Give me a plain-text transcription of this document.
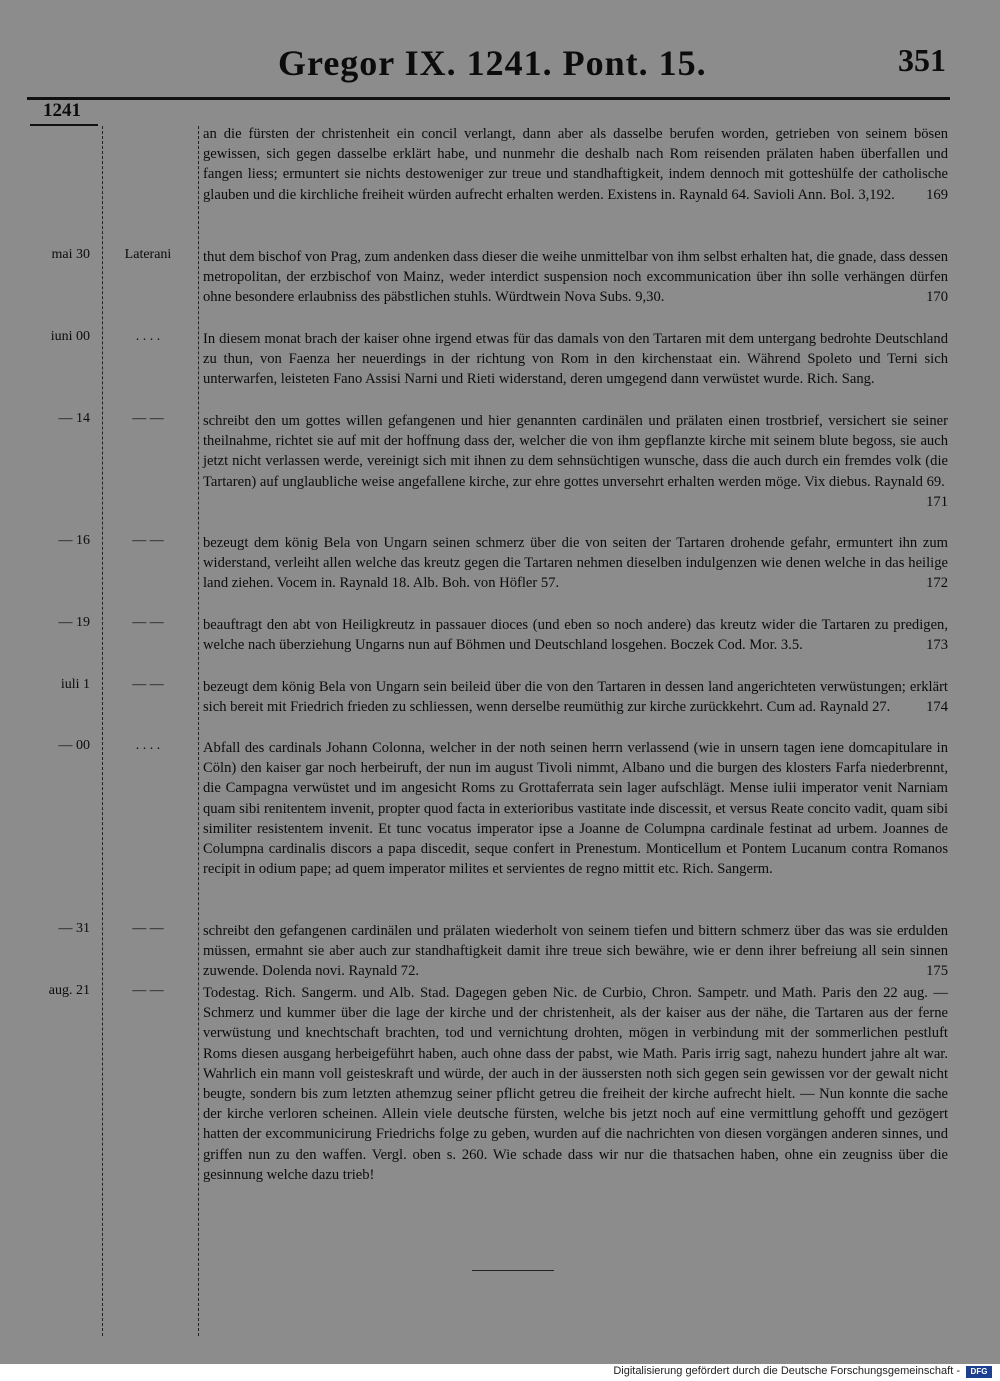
Gregor IX. 1241. Pont. 15.	351
1241
an die fürsten der christenheit ein concil verlangt, dann aber als dasselbe berufen worden, getrieben von seinem bösen gewissen, sich gegen dasselbe erklärt habe, und nunmehr die deshalb nach Rom reisenden prälaten haben überfallen und fangen liess; ermuntert sie nichts destoweniger zur treue und standhaftigkeit, indem dennoch mit gotteshülfe der catholische glauben und die kirchliche freiheit würden aufrecht erhalten werden. Existens in. Raynald 64. Savioli Ann. Bol. 3,192. 169
mai 30	Laterani	thut dem bischof von Prag, zum andenken dass dieser die weihe unmittelbar von ihm selbst erhalten hat, die gnade, dass dessen metropolitan, der erzbischof von Mainz, weder interdict suspension noch excommunication über ihn solle verhängen dürfen ohne besondere erlaubniss des päbstlichen stuhls. Würdtwein Nova Subs. 9,30.	170
iuni 00	. . . .	In diesem monat brach der kaiser ohne irgend etwas für das damals von den Tartaren mit dem untergang bedrohte Deutschland zu thun, von Faenza her neuerdings in der richtung von Rom in den kirchenstaat ein. Während Spoleto und Terni sich unterwarfen, leisteten Fano Assisi Narni und Rieti widerstand, deren umgegend dann verwüstet wurde. Rich. Sang.
— 14	— —	schreibt den um gottes willen gefangenen und hier genannten cardinälen und prälaten einen trostbrief, versichert sie seiner theilnahme, richtet sie auf mit der hoffnung dass der, welcher die von ihm gepflanzte kirche mit seinem blute begoss, sie auch jetzt nicht verlassen werde, vereinigt sich mit ihnen zu dem sehnsüchtigen wunsche, dass die auch durch ein fremdes volk (die Tartaren) auf unglaubliche weise angefallene kirche, zur ehre gottes unversehrt erhalten werden möge. Vix diebus. Raynald 69.
171
— 16	— —	bezeugt dem könig Bela von Ungarn seinen schmerz über die von seiten der Tartaren drohende gefahr, ermuntert ihn zum widerstand, verleiht allen welche das kreutz gegen die Tartaren nehmen dieselben indulgenzen wie denen welche in das heilige land ziehen. Vocem in. Raynald 18. Alb. Boh. von Höfler 57.	172
— 19	— —	beauftragt den abt von Heiligkreutz in passauer dioces (und eben so noch andere) das kreutz wider die Tartaren zu predigen, welche nach überziehung Ungarns nun auf Böhmen und Deutschland losgehen. Boczek Cod. Mor. 3.5.	173
iuli 1	— —	bezeugt dem könig Bela von Ungarn sein beileid über die von den Tartaren in dessen land angerichteten verwüstungen; erklärt sich bereit mit Friedrich frieden zu schliessen, wenn derselbe reumüthig zur kirche zurückkehrt. Cum ad. Raynald 27. 174
— 00	. . . .	Abfall des cardinals Johann Colonna, welcher in der noth seinen herrn verlassend (wie in unsern tagen iene domcapitulare in Cöln) den kaiser gar noch herbeiruft, der nun im august Tivoli nimmt, Albano und die burgen des klosters Farfa niederbrennt, die Campagna verwüstet und im angesicht Roms zu Grottaferrata sein lager aufschlägt. Mense iulii imperator venit Narniam quam sibi renitentem invenit, propter quod facta in exterioribus vastitate inde discessit, et versus Reate concito vadit, quam sibi similiter resistentem invenit. Et tunc vocatus imperator ipse a Joanne de Columpna cardinale festinat ad urbem. Joannes de Columpna cardinalis discors a papa discedit, seque confert in Prenestum. Monticellum et Pontem Lucanum contra Romanos recipit in odium pape; ad quem imperator milites et servientes de regno mittit etc. Rich. Sangerm.
— 31	— —	schreibt den gefangenen cardinälen und prälaten wiederholt von seinem tiefen und bittern schmerz über das was sie erdulden müssen, ermahnt sie aber auch zur standhaftigkeit damit ihre treue sich bewähre, wie er denn ihrer befreiung all sein sinnen zuwende. Dolenda novi. Raynald 72.	175
aug. 21	— —	Todestag. Rich. Sangerm. und Alb. Stad. Dagegen geben Nic. de Curbio, Chron. Sampetr. und Math. Paris den 22 aug. — Schmerz und kummer über die lage der kirche und der christenheit, als der kaiser aus der nähe, die Tartaren aus der ferne verwüstung und knechtschaft brachten, tod und vernichtung drohten, mögen in verbindung mit der sommerlichen pestluft Roms diesen ausgang herbeigeführt haben, auch ohne dass der pabst, wie Math. Paris irrig sagt, nahezu hundert jahre alt war. Wahrlich ein mann voll geisteskraft und würde, der auch in der äussersten noth sich gegen sein gewissen vor der gewalt nicht beugte, sondern bis zum letzten athemzug seiner pflicht getreu die freiheit der kirche aufrecht hielt. — Nun konnte die sache der kirche verloren scheinen. Allein viele deutsche fürsten, welche bis jetzt noch auf eine vermittlung gehofft und gezögert hatten der excommunicirung Friedrichs folge zu geben, wurden auf die nachrichten von diesen vorgängen anderen sinnes, und griffen nun zu den waffen. Vergl. oben s. 260. Wie schade dass wir nur die thatsachen haben, ohne ein zeugniss über die gesinnung welche dazu trieb!
Digitalisierung gefördert durch die Deutsche Forschungsgemeinschaft -	DFG
